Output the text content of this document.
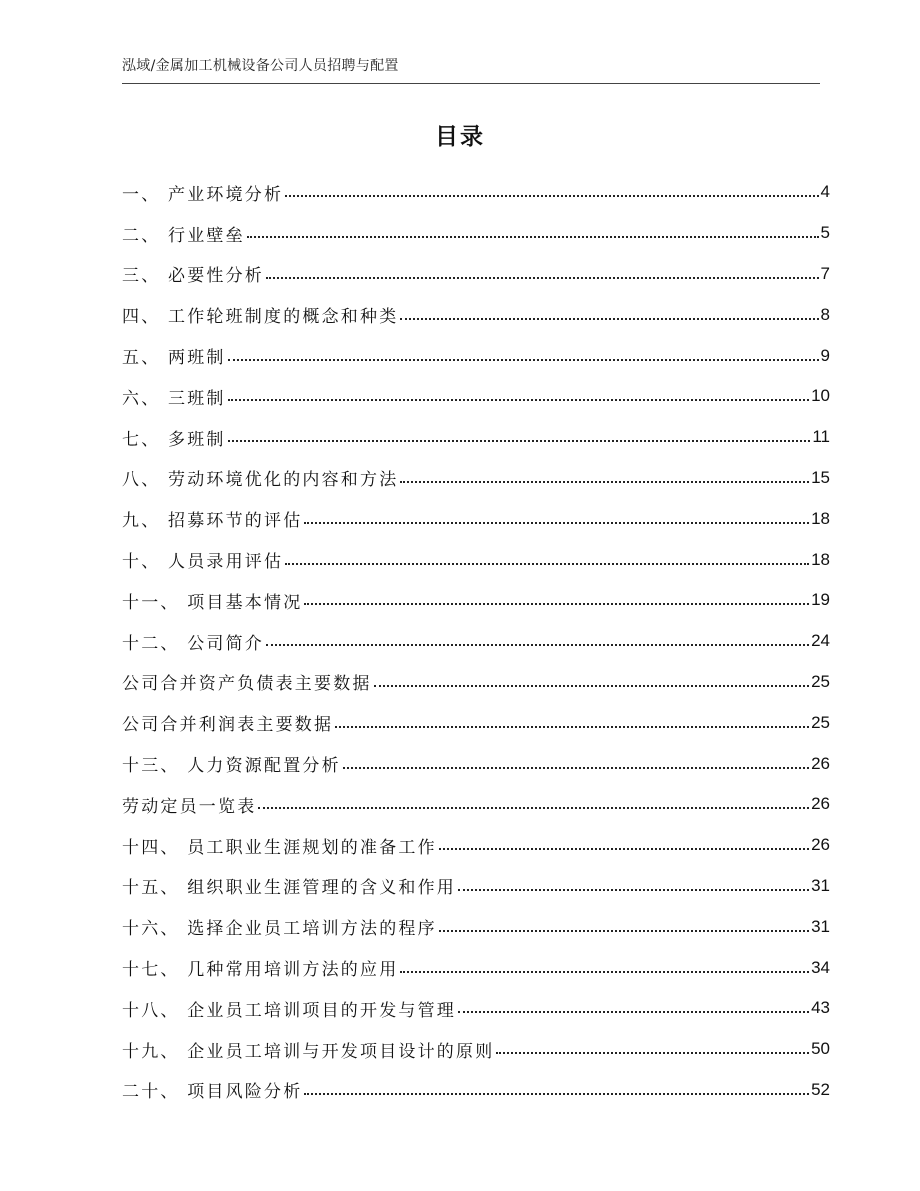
泓域/金属加工机械设备公司人员招聘与配置
目录
一、 产业环境分析	4
二、 行业壁垒	5
三、 必要性分析	7
四、 工作轮班制度的概念和种类	8
五、 两班制	9
六、 三班制	10
七、 多班制	11
八、 劳动环境优化的内容和方法	15
九、 招募环节的评估	18
十、 人员录用评估	18
十一、 项目基本情况	19
十二、 公司简介	24
公司合并资产负债表主要数据	25
公司合并利润表主要数据	25
十三、 人力资源配置分析	26
劳动定员一览表	26
十四、 员工职业生涯规划的准备工作	26
十五、 组织职业生涯管理的含义和作用	31
十六、 选择企业员工培训方法的程序	31
十七、 几种常用培训方法的应用	34
十八、 企业员工培训项目的开发与管理	43
十九、 企业员工培训与开发项目设计的原则	50
二十、 项目风险分析	52
